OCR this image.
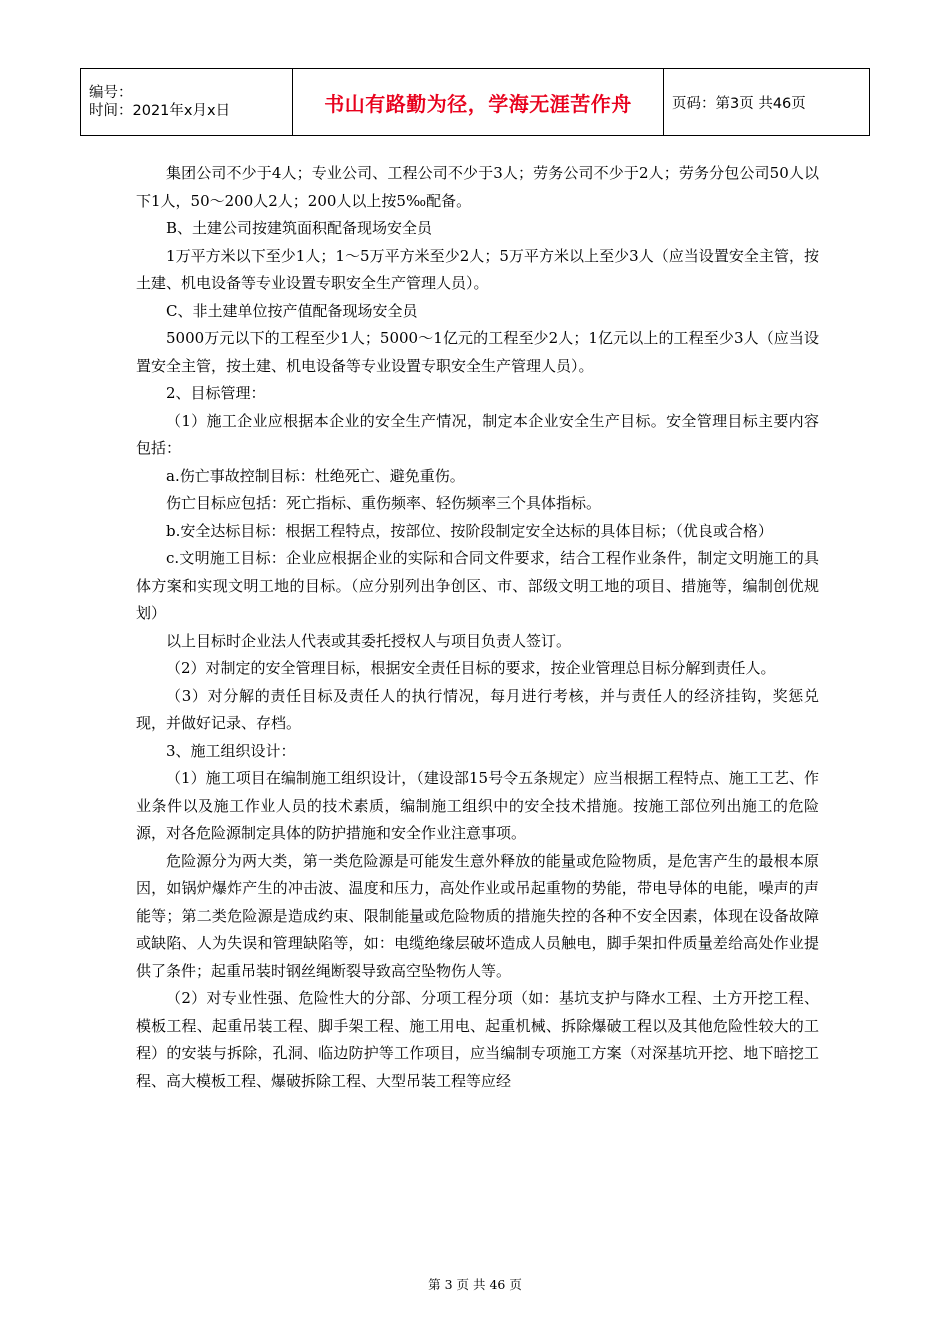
编号：
时间：2021年x月x日	书山有路勤为径，学海无涯苦作舟	页码：第3页 共46页

集团公司不少于4人；专业公司、工程公司不少于3人；劳务公司不少于2人；劳务分包公司50人以下1人，50～200人2人；200人以上按5‰配备。

B、土建公司按建筑面积配备现场安全员

1万平方米以下至少1人；1～5万平方米至少2人；5万平方米以上至少3人（应当设置安全主管，按土建、机电设备等专业设置专职安全生产管理人员）。

C、非土建单位按产值配备现场安全员

5000万元以下的工程至少1人；5000～1亿元的工程至少2人；1亿元以上的工程至少3人（应当设置安全主管，按土建、机电设备等专业设置专职安全生产管理人员）。

2、目标管理：

（1）施工企业应根据本企业的安全生产情况，制定本企业安全生产目标。安全管理目标主要内容包括：

a.伤亡事故控制目标：杜绝死亡、避免重伤。

伤亡目标应包括：死亡指标、重伤频率、轻伤频率三个具体指标。

b.安全达标目标：根据工程特点，按部位、按阶段制定安全达标的具体目标；（优良或合格）

c.文明施工目标：企业应根据企业的实际和合同文件要求，结合工程作业条件，制定文明施工的具体方案和实现文明工地的目标。（应分别列出争创区、市、部级文明工地的项目、措施等，编制创优规划）

以上目标时企业法人代表或其委托授权人与项目负责人签订。

（2）对制定的安全管理目标，根据安全责任目标的要求，按企业管理总目标分解到责任人。

（3）对分解的责任目标及责任人的执行情况，每月进行考核，并与责任人的经济挂钩，奖惩兑现，并做好记录、存档。

3、施工组织设计：

（1）施工项目在编制施工组织设计，（建设部15号令五条规定）应当根据工程特点、施工工艺、作业条件以及施工作业人员的技术素质，编制施工组织中的安全技术措施。按施工部位列出施工的危险源，对各危险源制定具体的防护措施和安全作业注意事项。

危险源分为两大类，第一类危险源是可能发生意外释放的能量或危险物质，是危害产生的最根本原因，如锅炉爆炸产生的冲击波、温度和压力，高处作业或吊起重物的势能，带电导体的电能，噪声的声能等；第二类危险源是造成约束、限制能量或危险物质的措施失控的各种不安全因素，体现在设备故障或缺陷、人为失误和管理缺陷等，如：电缆绝缘层破坏造成人员触电，脚手架扣件质量差给高处作业提供了条件；起重吊装时钢丝绳断裂导致高空坠物伤人等。

（2）对专业性强、危险性大的分部、分项工程分项（如：基坑支护与降水工程、土方开挖工程、模板工程、起重吊装工程、脚手架工程、施工用电、起重机械、拆除爆破工程以及其他危险性较大的工程）的安装与拆除，孔洞、临边防护等工作项目，应当编制专项施工方案（对深基坑开挖、地下暗挖工程、高大模板工程、爆破拆除工程、大型吊装工程等应经

第 3 页 共 46 页
